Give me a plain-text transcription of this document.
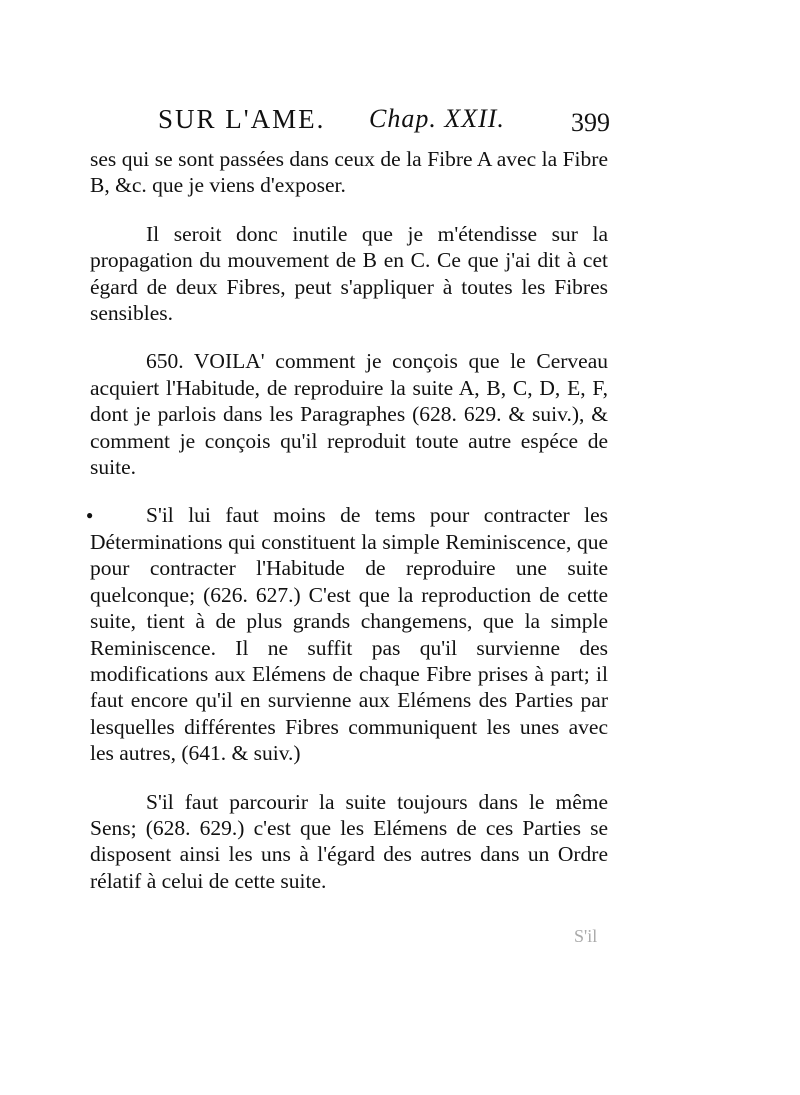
SUR L'AME. Chap. XXII.	399
●

ses qui se sont passées dans ceux de la Fibre A avec la Fibre B, &c. que je viens d'exposer.

Il seroit donc inutile que je m'étendisse sur la propagation du mouvement de B en C. Ce que j'ai dit à cet égard de deux Fibres, peut s'appliquer à toutes les Fibres sensibles.

650. VOILA' comment je conçois que le Cerveau acquiert l'Habitude, de reproduire la suite A, B, C, D, E, F, dont je parlois dans les Paragraphes (628. 629. & suiv.), & comment je conçois qu'il reproduit toute autre espéce de suite.

S'il lui faut moins de tems pour contracter les Déterminations qui constituent la simple Reminiscence, que pour contracter l'Habitude de reproduire une suite quelconque; (626. 627.) C'est que la reproduction de cette suite, tient à de plus grands changemens, que la simple Reminiscence. Il ne suffit pas qu'il survienne des modifications aux Elémens de chaque Fibre prises à part; il faut encore qu'il en survienne aux Elémens des Parties par lesquelles différentes Fibres communiquent les unes avec les autres, (641. & suiv.)

S'il faut parcourir la suite toujours dans le même Sens; (628. 629.) c'est que les Elémens de ces Parties se disposent ainsi les uns à l'égard des autres dans un Ordre rélatif à celui de cette suite.

S'il
